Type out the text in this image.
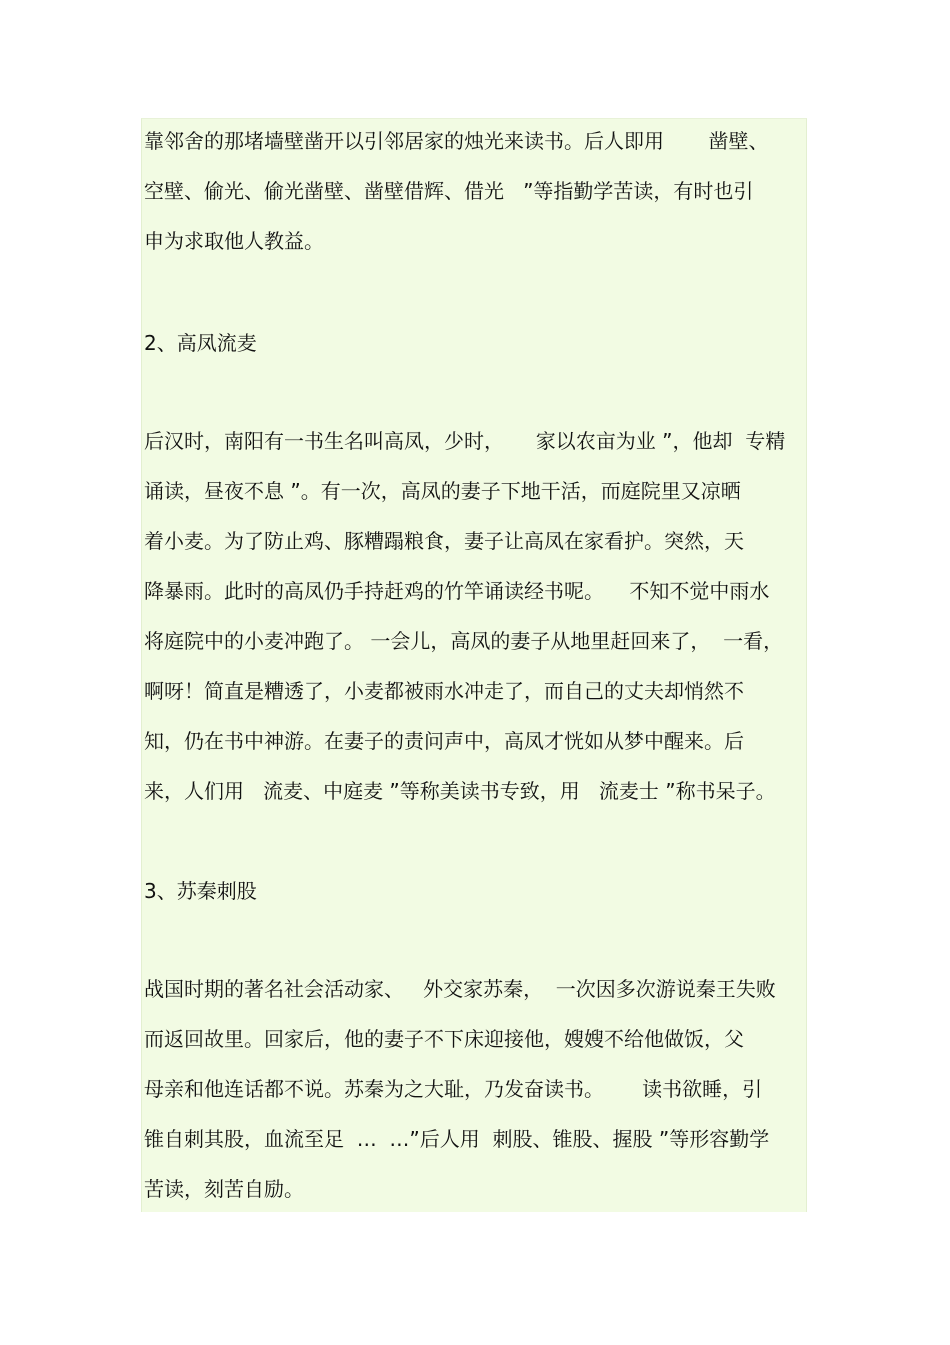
靠邻舍的那堵墙壁凿开以引邻居家的烛光来读书。后人即用       凿壁、
空壁、偷光、偷光凿壁、凿壁借辉、借光   ”等指勤学苦读，有时也引
申为求取他人教益。
2、高凤流麦
后汉时，南阳有一书生名叫高凤，少时，     家以农亩为业 ”，他却  专精
诵读，昼夜不息 ”。有一次，高凤的妻子下地干活，而庭院里又凉晒
着小麦。为了防止鸡、豚糟蹋粮食，妻子让高凤在家看护。突然，天
降暴雨。此时的高凤仍手持赶鸡的竹竿诵读经书呢。    不知不觉中雨水
将庭院中的小麦冲跑了。 一会儿，高凤的妻子从地里赶回来了，  一看，
啊呀！简直是糟透了，小麦都被雨水冲走了，而自己的丈夫却悄然不
知，仍在书中神游。在妻子的责问声中，高凤才恍如从梦中醒来。后
来，人们用   流麦、中庭麦 ”等称美读书专致，用   流麦士 ”称书呆子。
3、苏秦刺股
战国时期的著名社会活动家、   外交家苏秦，  一次因多次游说秦王失败
而返回故里。回家后，他的妻子不下床迎接他，嫂嫂不给他做饭，父
母亲和他连话都不说。苏秦为之大耻，乃发奋读书。      读书欲睡，引
锥自刺其股，血流至足  …  …”后人用  刺股、锥股、握股 ”等形容勤学
苦读，刻苦自励。
